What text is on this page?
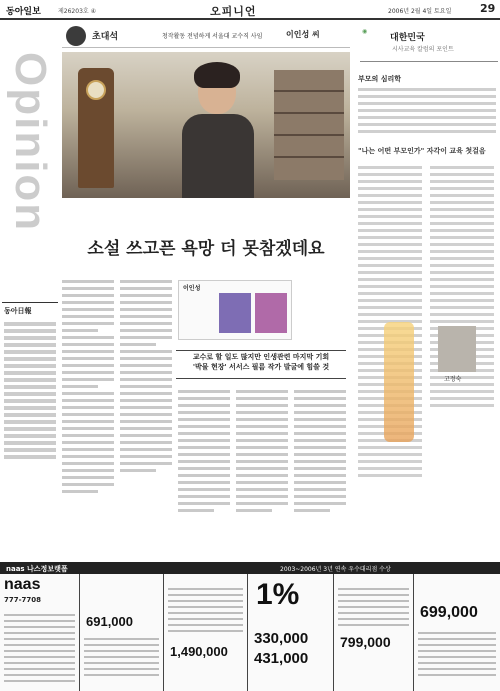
동아일보	제26203호 ④	오피니언	2006년 2월 4일 토요일	29
Opinion
동아日報
초대석	청작활동 전념하게 서울대 교수직 사임	이인성 씨
소설 쓰고픈 욕망 더 못참겠데요
이인성
교수로 할 일도 많지만 인생관련 마지막 기회
'박물 현장' 서서스 필름 작가 발굴에 힘쓸 것
◉
대한민국
시사교육 칼럼의 포인트
부모의 심리학
"나는 어떤 부모인가" 자각이 교육 첫걸음
고정숙
naas 나스정보랫폼	2003~2006년 3년 연속 우수대리점 수상
naas
777-7708
691,000
1,490,000
1%
330,000
431,000
799,000
699,000
